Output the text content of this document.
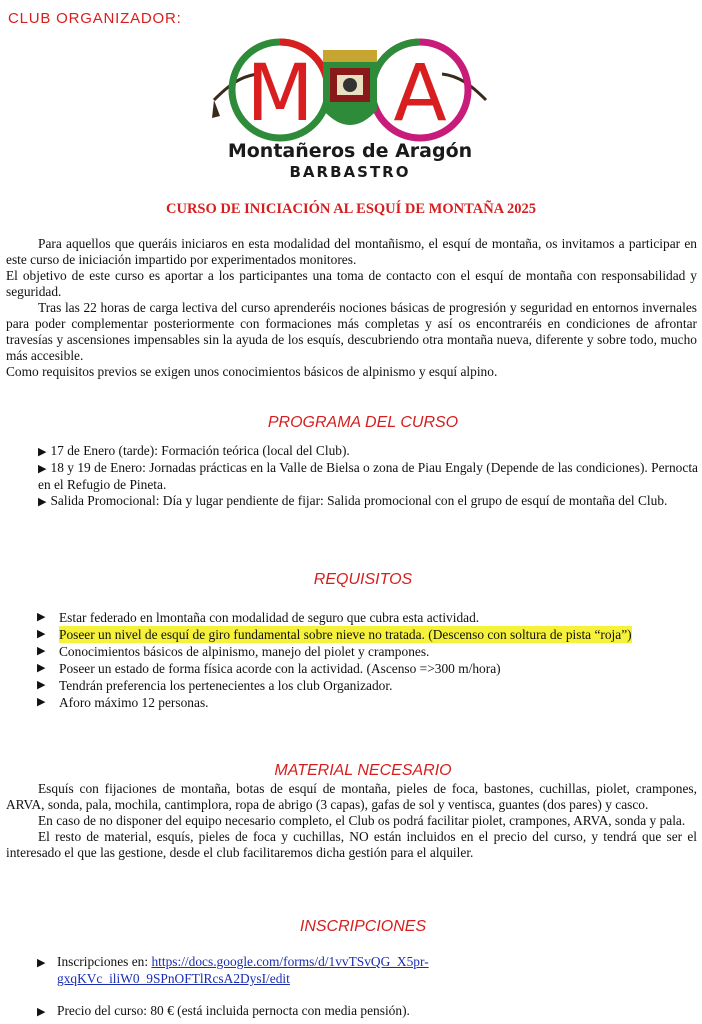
CLUB ORGANIZADOR:
M A
Montañeros de Aragón
BARBASTRO
CURSO DE INICIACIÓN AL ESQUÍ DE MONTAÑA 2025

Para aquellos que queráis iniciaros en esta modalidad del montañismo, el esquí de montaña, os invitamos a participar en este curso de iniciación impartido por experimentados monitores.

El objetivo de este curso es aportar a los participantes una toma de contacto con el esquí de montaña con responsabilidad y seguridad.

Tras las 22 horas de carga lectiva del curso aprenderéis nociones básicas de progresión y seguridad en entornos invernales para poder complementar posteriormente con formaciones más completas y así os encontraréis en condiciones de afrontar travesías y ascensiones impensables sin la ayuda de los esquís, descubriendo otra montaña nueva, diferente y sobre todo, mucho más accesible.

Como requisitos previos se exigen unos conocimientos básicos de alpinismo y esquí alpino.

PROGRAMA DEL CURSO

▶ 17 de Enero (tarde): Formación teórica (local del Club).

▶ 18 y 19 de Enero: Jornadas prácticas en la Valle de Bielsa o zona de Piau Engaly (Depende de las condiciones). Pernocta en el Refugio de Pineta.

▶ Salida Promocional: Día y lugar pendiente de fijar: Salida promocional con el grupo de esquí de montaña del Club.

REQUISITOS
▶	Estar federado en lmontaña con modalidad de seguro que cubra esta actividad.
▶	Poseer un nivel de esquí de giro fundamental sobre nieve no tratada. (Descenso con soltura de pista “roja”)
▶	Conocimientos básicos de alpinismo, manejo del piolet y crampones.
▶	Poseer un estado de forma física acorde con la actividad. (Ascenso =>300 m/hora)
▶	Tendrán preferencia los pertenecientes a los club Organizador.
▶	Aforo máximo 12 personas.
MATERIAL NECESARIO

Esquís con fijaciones de montaña, botas de esquí de montaña, pieles de foca, bastones, cuchillas, piolet, crampones, ARVA, sonda, pala, mochila, cantimplora, ropa de abrigo (3 capas), gafas de sol y ventisca, guantes (dos pares) y casco.

En caso de no disponer del equipo necesario completo, el Club os podrá facilitar piolet, crampones, ARVA, sonda y pala.

El resto de material, esquís, pieles de foca y cuchillas, NO están incluidos en el precio del curso, y tendrá que ser el interesado el que las gestione, desde el club facilitaremos dicha gestión para el alquiler.

INSCRIPCIONES
▶ Inscripciones en: https://docs.google.com/forms/d/1vvTSvQG_X5pr-
gxqKVc_iliW0_9SPnOFTlRcsA2DysI/edit
▶ Precio del curso: 80 € (está incluida pernocta con media pensión).
